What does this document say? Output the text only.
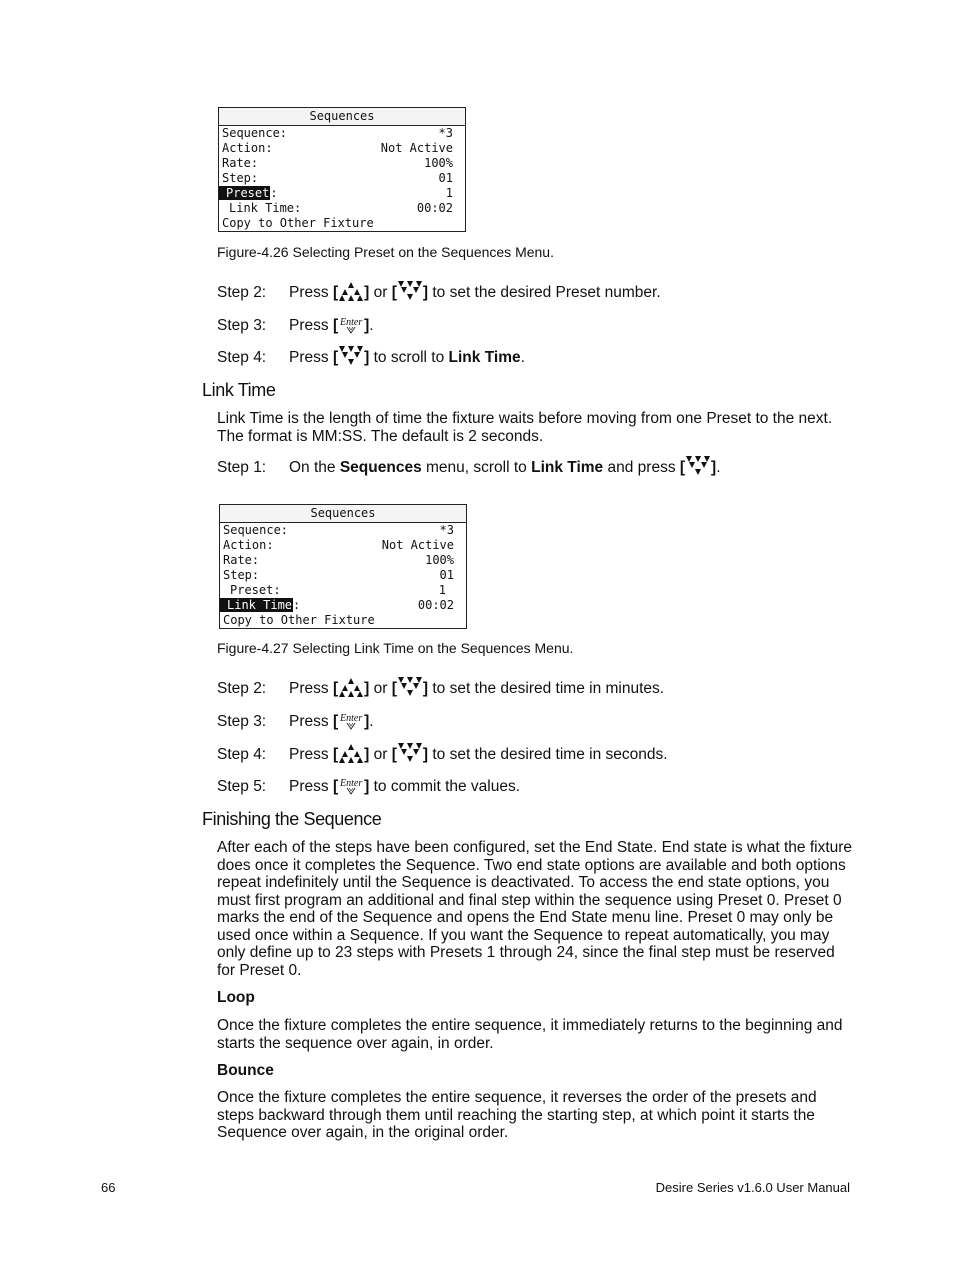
Sequences
Sequence:	*3
Action:	Not Active
Rate:	100%
Step:	01
Preset:	1
Link Time:	00:02
Copy to Other Fixture
Figure-4.26 Selecting Preset on the Sequences Menu.
Step 2: Press [ ] or [ ] to set the desired Preset number.
Step 3: Press [ Enter ].
Step 4: Press [ ] to scroll to Link Time.
Link Time
Link Time is the length of time the fixture waits before moving from one Preset to the next. The format is MM:SS. The default is 2 seconds.
Step 1: On the Sequences menu, scroll to Link Time and press [ ].
Sequences
Sequence:	*3
Action:	Not Active
Rate:	100%
Step:	01
Preset:	1
Link Time:	00:02
Copy to Other Fixture
Figure-4.27 Selecting Link Time on the Sequences Menu.
Step 2: Press [ ] or [ ] to set the desired time in minutes.
Step 3: Press [ Enter ].
Step 4: Press [ ] or [ ] to set the desired time in seconds.
Step 5: Press [ Enter ] to commit the values.
Finishing the Sequence
After each of the steps have been configured, set the End State. End state is what the fixture does once it completes the Sequence. Two end state options are available and both options repeat indefinitely until the Sequence is deactivated. To access the end state options, you must first program an additional and final step within the sequence using Preset 0. Preset 0 marks the end of the Sequence and opens the End State menu line. Preset 0 may only be used once within a Sequence. If you want the Sequence to repeat automatically, you may only define up to 23 steps with Presets 1 through 24, since the final step must be reserved for Preset 0.
Loop
Once the fixture completes the entire sequence, it immediately returns to the beginning and starts the sequence over again, in order.
Bounce
Once the fixture completes the entire sequence, it reverses the order of the presets and steps backward through them until reaching the starting step, at which point it starts the Sequence over again, in the original order.
66	Desire Series v1.6.0 User Manual
